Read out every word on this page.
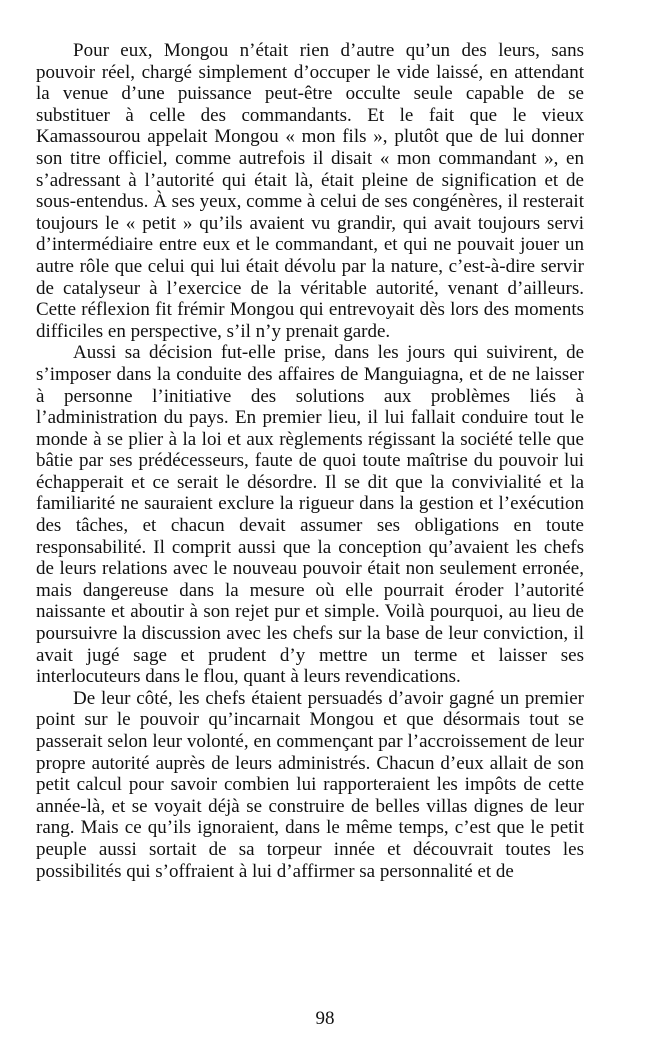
Pour eux, Mongou n’était rien d’autre qu’un des leurs, sans pouvoir réel, chargé simplement d’occuper le vide laissé, en attendant la venue d’une puissance peut-être occulte seule capable de se substituer à celle des commandants. Et le fait que le vieux Kamassourou appelait Mongou « mon fils », plutôt que de lui donner son titre officiel, comme autrefois il disait « mon commandant », en s’adressant à l’autorité qui était là, était pleine de signification et de sous-entendus. À ses yeux, comme à celui de ses congénères, il resterait toujours le « petit » qu’ils avaient vu grandir, qui avait toujours servi d’intermédiaire entre eux et le commandant, et qui ne pouvait jouer un autre rôle que celui qui lui était dévolu par la nature, c’est-à-dire servir de catalyseur à l’exercice de la véritable autorité, venant d’ailleurs. Cette réflexion fit frémir Mongou qui entrevoyait dès lors des moments difficiles en perspective, s’il n’y prenait garde.

Aussi sa décision fut-elle prise, dans les jours qui suivirent, de s’imposer dans la conduite des affaires de Manguiagna, et de ne laisser à personne l’initiative des solutions aux problèmes liés à l’administration du pays. En premier lieu, il lui fallait conduire tout le monde à se plier à la loi et aux règlements régissant la société telle que bâtie par ses prédécesseurs, faute de quoi toute maîtrise du pouvoir lui échapperait et ce serait le désordre. Il se dit que la convivialité et la familiarité ne sauraient exclure la rigueur dans la gestion et l’exécution des tâches, et chacun devait assumer ses obligations en toute responsabilité. Il comprit aussi que la conception qu’avaient les chefs de leurs relations avec le nouveau pouvoir était non seulement erronée, mais dangereuse dans la mesure où elle pourrait éroder l’autorité naissante et aboutir à son rejet pur et simple. Voilà pourquoi, au lieu de poursuivre la discussion avec les chefs sur la base de leur conviction, il avait jugé sage et prudent d’y mettre un terme et laisser ses interlocuteurs dans le flou, quant à leurs revendications.

De leur côté, les chefs étaient persuadés d’avoir gagné un premier point sur le pouvoir qu’incarnait Mongou et que désormais tout se passerait selon leur volonté, en commençant par l’accroissement de leur propre autorité auprès de leurs administrés. Chacun d’eux allait de son petit calcul pour savoir combien lui rapporteraient les impôts de cette année-là, et se voyait déjà se construire de belles villas dignes de leur rang. Mais ce qu’ils ignoraient, dans le même temps, c’est que le petit peuple aussi sortait de sa torpeur innée et découvrait toutes les possibilités qui s’offraient à lui d’affirmer sa personnalité et de

98
